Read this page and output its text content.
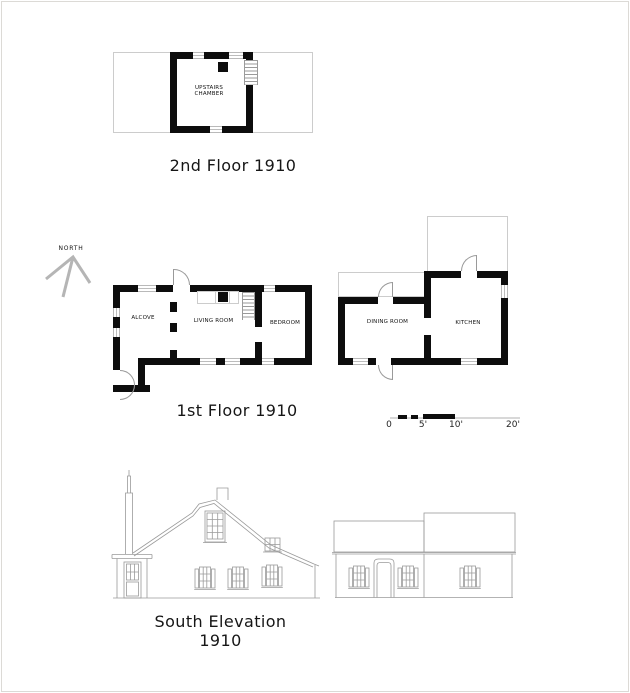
UPSTAIRS CHAMBER
2nd Floor 1910
NORTH
ALCOVE	LIVING ROOM	BEDROOM
1st Floor 1910
DINING ROOM	KITCHEN
0	5'	10'	20'
South Elevation 1910
